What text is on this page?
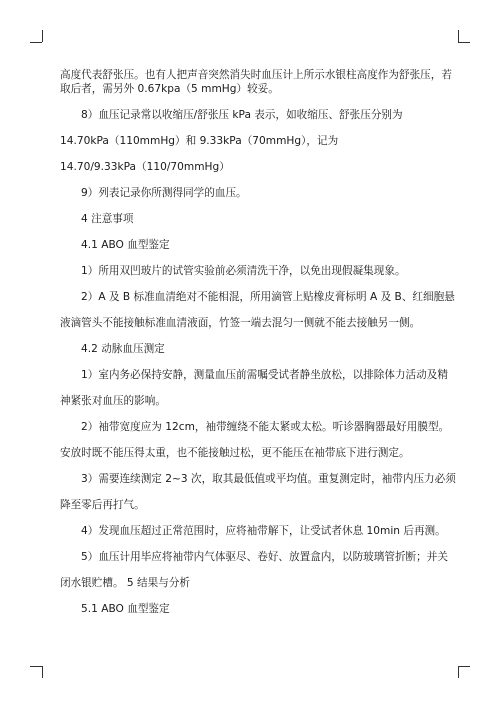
高度代表舒张压。也有人把声音突然消失时血压计上所示水银柱高度作为舒张压，若

取后者，需另外 0.67kpa（5 mmHg）较妥。

8）血压记录常以收缩压/舒张压 kPa 表示，如收缩压、舒张压分别为

14.70kPa（110mmHg）和 9.33kPa（70mmHg），记为

14.70/9.33kPa（110/70mmHg）

9）列表记录你所测得同学的血压。

4 注意事项

4.1 ABO 血型鉴定

1）所用双凹玻片的试管实验前必须清洗干净，以免出现假凝集现象。

2）A 及 B 标准血清绝对不能相混，所用滴管上贴橡皮膏标明 A 及 B、红细胞悬

液滴管头不能接触标准血清液面，竹签一端去混匀一侧就不能去接触另一侧。

4.2 动脉血压测定

1）室内务必保持安静，测量血压前需嘱受试者静坐放松，以排除体力活动及精

神紧张对血压的影响。

2）袖带宽度应为 12cm，袖带缠绕不能太紧或太松。听诊器胸器最好用膜型。

安放时既不能压得太重，也不能接触过松，更不能压在袖带底下进行测定。

3）需要连续测定 2~3 次，取其最低值或平均值。重复测定时，袖带内压力必须

降至零后再打气。

4）发现血压超过正常范围时，应将袖带解下，让受试者休息 10min 后再测。

5）血压计用毕应将袖带内气体驱尽、卷好、放置盒内，以防玻璃管折断；并关

闭水银贮槽。 5 结果与分析

5.1 ABO 血型鉴定
